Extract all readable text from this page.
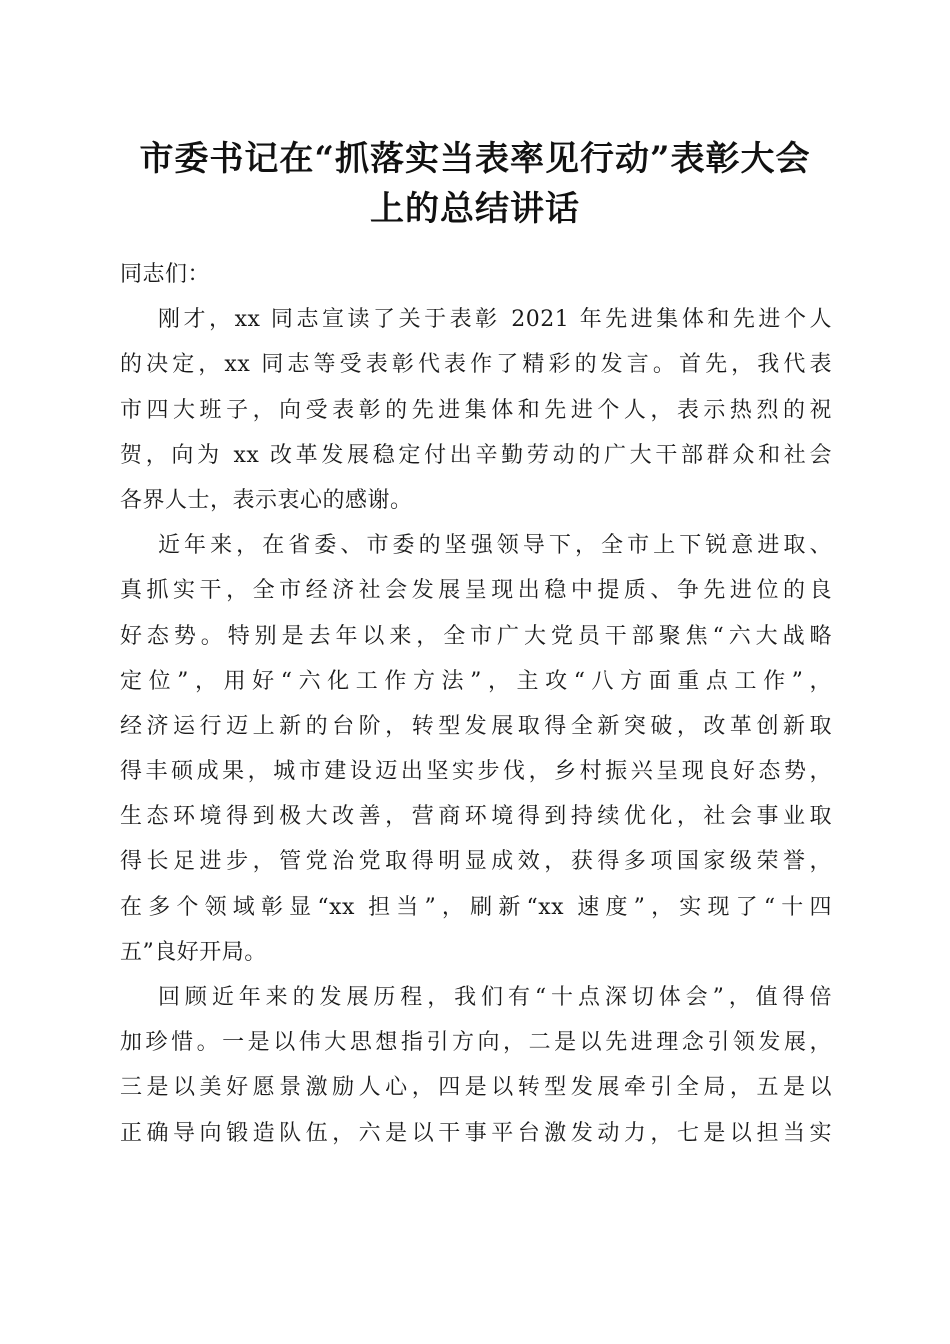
市委书记在“抓落实当表率见行动”表彰大会
上的总结讲话
同志们：
刚才，xx 同志宣读了关于表彰 2021 年先进集体和先进个人
的决定，xx 同志等受表彰代表作了精彩的发言。首先，我代表
市四大班子，向受表彰的先进集体和先进个人，表示热烈的祝
贺，向为 xx 改革发展稳定付出辛勤劳动的广大干部群众和社会
各界人士，表示衷心的感谢。
近年来，在省委、市委的坚强领导下，全市上下锐意进取、
真抓实干，全市经济社会发展呈现出稳中提质、争先进位的良
好态势。特别是去年以来，全市广大党员干部聚焦“六大战略
定位”，用好“六化工作方法”，主攻“八方面重点工作”，
经济运行迈上新的台阶，转型发展取得全新突破，改革创新取
得丰硕成果，城市建设迈出坚实步伐，乡村振兴呈现良好态势，
生态环境得到极大改善，营商环境得到持续优化，社会事业取
得长足进步，管党治党取得明显成效，获得多项国家级荣誉，
在多个领域彰显“xx 担当”，刷新“xx 速度”，实现了“十四
五”良好开局。
回顾近年来的发展历程，我们有“十点深切体会”，值得倍
加珍惜。一是以伟大思想指引方向，二是以先进理念引领发展，
三是以美好愿景激励人心，四是以转型发展牵引全局，五是以
正确导向锻造队伍，六是以干事平台激发动力，七是以担当实
